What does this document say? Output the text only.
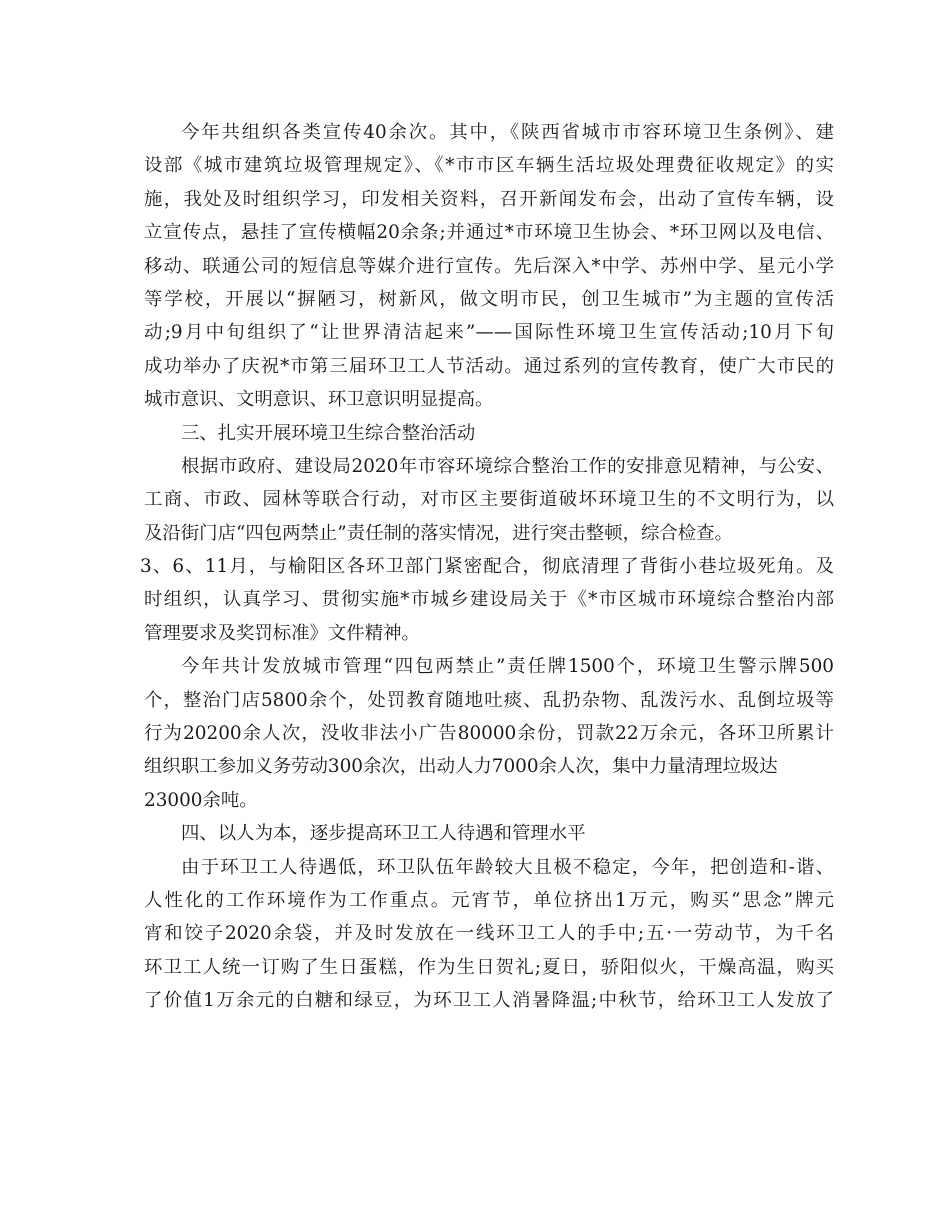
今年共组织各类宣传40余次。其中，《陕西省城市市容环境卫生条例》、建
设部《城市建筑垃圾管理规定》、《*市市区车辆生活垃圾处理费征收规定》的实
施，我处及时组织学习，印发相关资料，召开新闻发布会，出动了宣传车辆，设
立宣传点，悬挂了宣传横幅20余条;并通过*市环境卫生协会、*环卫网以及电信、
移动、联通公司的短信息等媒介进行宣传。先后深入*中学、苏州中学、星元小学
等学校，开展以“摒陋习，树新风，做文明市民，创卫生城市”为主题的宣传活
动;9月中旬组织了“让世界清洁起来”——国际性环境卫生宣传活动;10月下旬
成功举办了庆祝*市第三届环卫工人节活动。通过系列的宣传教育，使广大市民的
城市意识、文明意识、环卫意识明显提高。
三、扎实开展环境卫生综合整治活动
根据市政府、建设局2020年市容环境综合整治工作的安排意见精神，与公安、
工商、市政、园林等联合行动，对市区主要街道破坏环境卫生的不文明行为，以
及沿街门店“四包两禁止”责任制的落实情况，进行突击整顿，综合检查。
3、6、11月，与榆阳区各环卫部门紧密配合，彻底清理了背街小巷垃圾死角。及
时组织，认真学习、贯彻实施*市城乡建设局关于《*市区城市环境综合整治内部
管理要求及奖罚标准》文件精神。
今年共计发放城市管理“四包两禁止”责任牌1500个，环境卫生警示牌500
个，整治门店5800余个，处罚教育随地吐痰、乱扔杂物、乱泼污水、乱倒垃圾等
行为20200余人次，没收非法小广告80000余份，罚款22万余元，各环卫所累计
组织职工参加义务劳动300余次，出动人力7000余人次，集中力量清理垃圾达
23000余吨。
四、以人为本，逐步提高环卫工人待遇和管理水平
由于环卫工人待遇低，环卫队伍年龄较大且极不稳定，今年，把创造和-谐、
人性化的工作环境作为工作重点。元宵节，单位挤出1万元，购买“思念”牌元
宵和饺子2020余袋，并及时发放在一线环卫工人的手中;五·一劳动节，为千名
环卫工人统一订购了生日蛋糕，作为生日贺礼;夏日，骄阳似火，干燥高温，购买
了价值1万余元的白糖和绿豆，为环卫工人消暑降温;中秋节，给环卫工人发放了
